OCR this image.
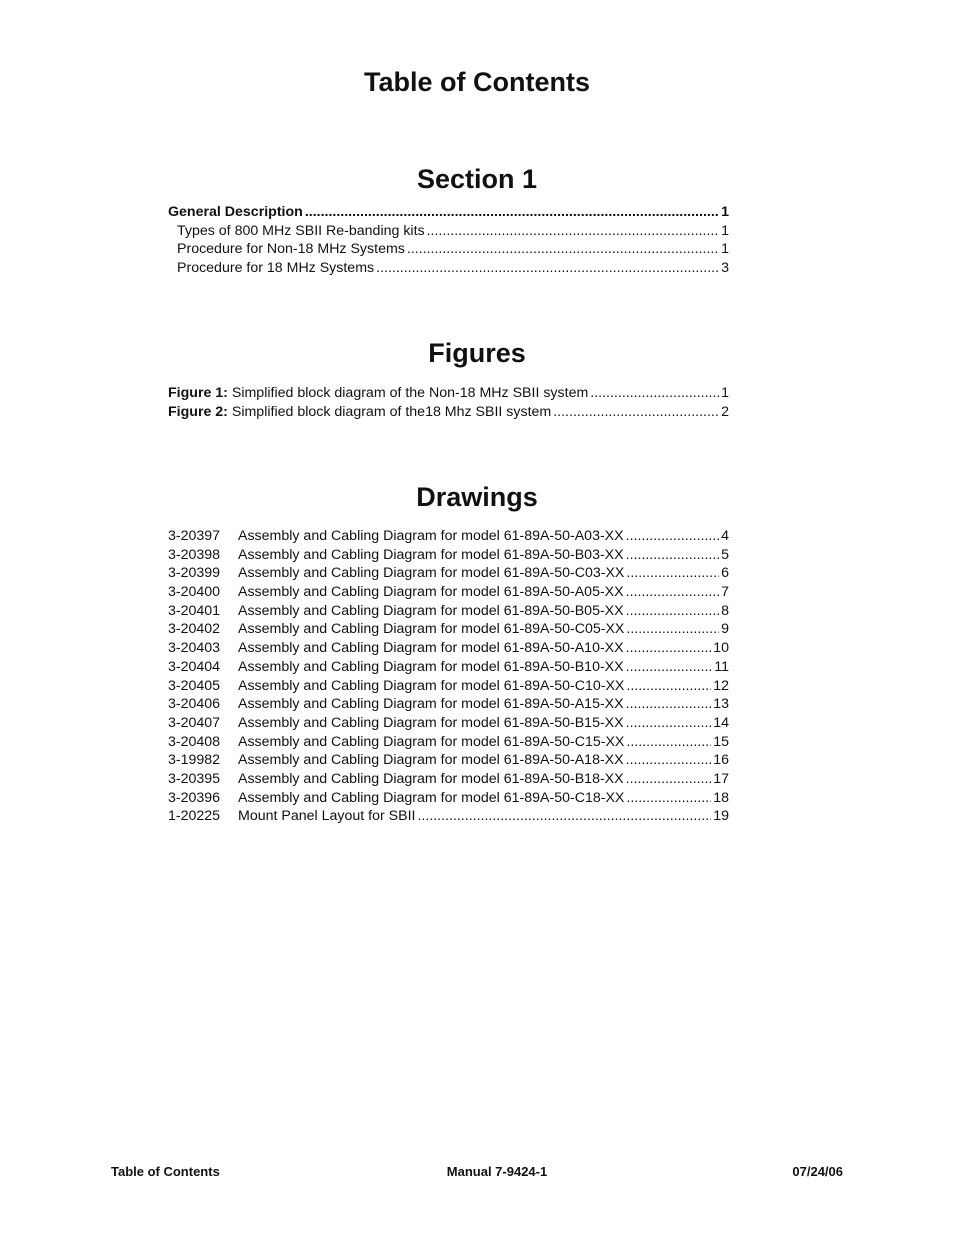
Table of Contents
Section 1
General Description .....	1
Types of 800 MHz SBII Re-banding kits .....	1
Procedure for Non-18 MHz Systems .....	1
Procedure for 18 MHz Systems .....	3
Figures
Figure 1: Simplified block diagram of the Non-18 MHz SBII system .....	1
Figure 2: Simplified block diagram of the18 Mhz SBII system .....	2
Drawings
3-20397 Assembly and Cabling Diagram for model 61-89A-50-A03-XX .....	4
3-20398 Assembly and Cabling Diagram for model 61-89A-50-B03-XX .....	5
3-20399 Assembly and Cabling Diagram for model 61-89A-50-C03-XX .....	6
3-20400 Assembly and Cabling Diagram for model 61-89A-50-A05-XX .....	7
3-20401 Assembly and Cabling Diagram for model 61-89A-50-B05-XX .....	8
3-20402 Assembly and Cabling Diagram for model 61-89A-50-C05-XX .....	9
3-20403 Assembly and Cabling Diagram for model 61-89A-50-A10-XX .....	10
3-20404 Assembly and Cabling Diagram for model 61-89A-50-B10-XX .....	11
3-20405 Assembly and Cabling Diagram for model 61-89A-50-C10-XX .....	12
3-20406 Assembly and Cabling Diagram for model 61-89A-50-A15-XX .....	13
3-20407 Assembly and Cabling Diagram for model 61-89A-50-B15-XX .....	14
3-20408 Assembly and Cabling Diagram for model 61-89A-50-C15-XX .....	15
3-19982 Assembly and Cabling Diagram for model 61-89A-50-A18-XX .....	16
3-20395 Assembly and Cabling Diagram for model 61-89A-50-B18-XX .....	17
3-20396 Assembly and Cabling Diagram for model 61-89A-50-C18-XX .....	18
1-20225 Mount Panel Layout for SBII .....	19

Table of Contents	Manual 7-9424-1	07/24/06
